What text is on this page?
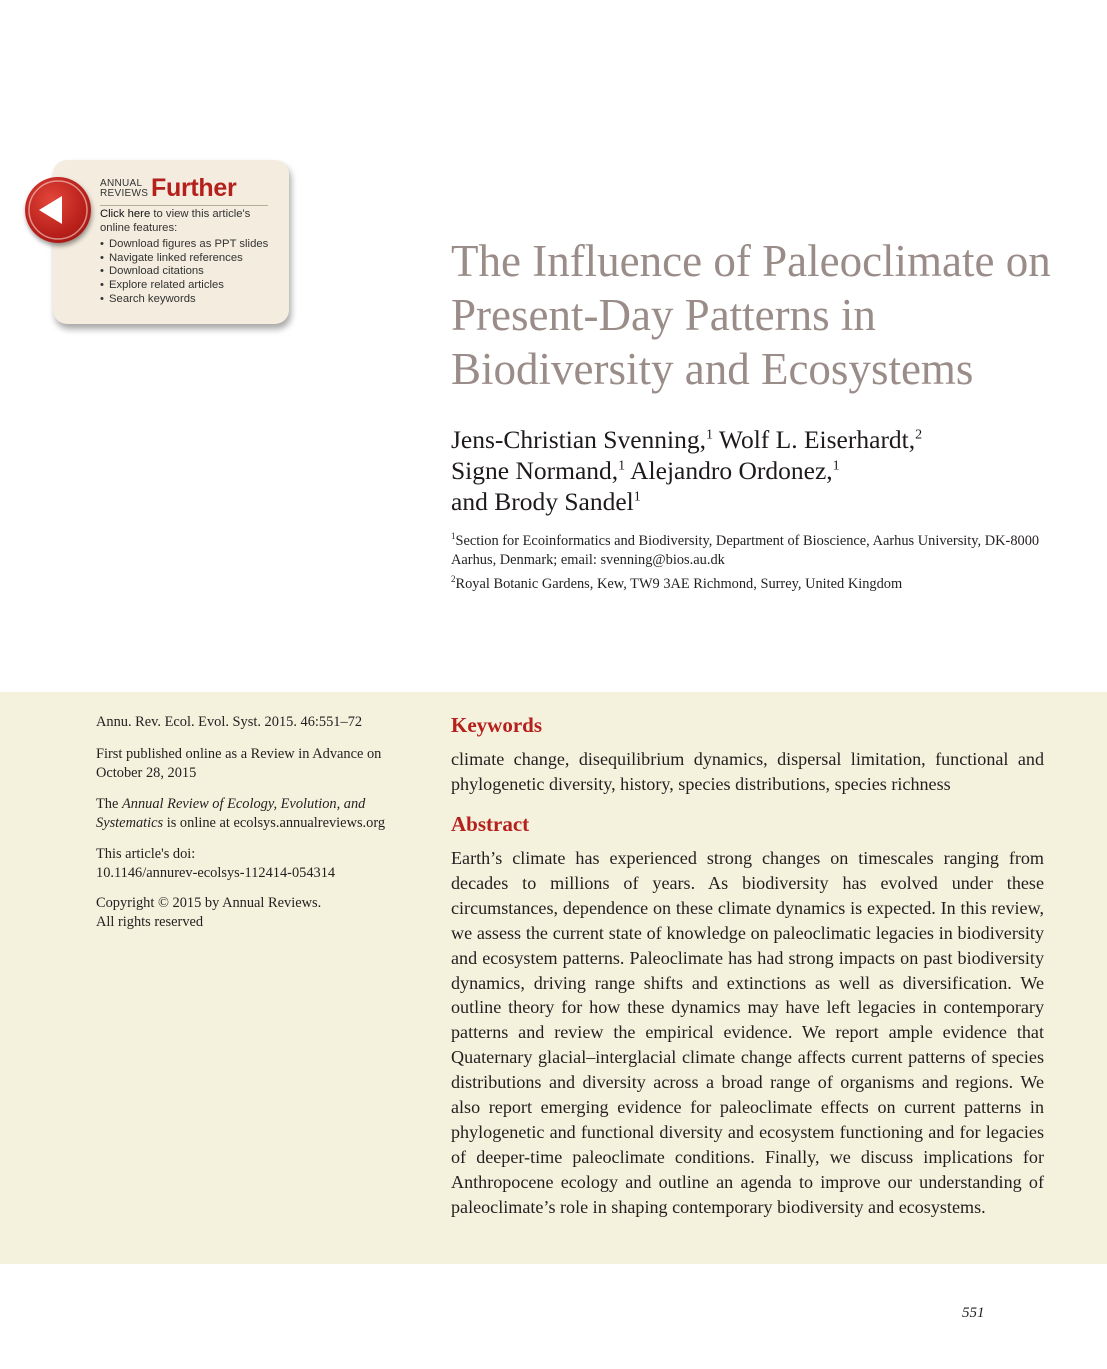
ANNUAL REVIEWS Further
Click here to view this article's online features:
• Download figures as PPT slides
• Navigate linked references
• Download citations
• Explore related articles
• Search keywords
The Influence of Paleoclimate on Present-Day Patterns in Biodiversity and Ecosystems
Jens-Christian Svenning,$^1$ Wolf L. Eiserhardt,$^2$
Signe Normand,$^1$ Alejandro Ordonez,$^1$
and Brody Sandel$^1$
$^1$Section for Ecoinformatics and Biodiversity, Department of Bioscience, Aarhus University, DK-8000 Aarhus, Denmark; email: svenning@bios.au.dk
$^2$Royal Botanic Gardens, Kew, TW9 3AE Richmond, Surrey, United Kingdom
Annu. Rev. Ecol. Evol. Syst. 2015. 46:551–72
First published online as a Review in Advance on October 28, 2015
The Annual Review of Ecology, Evolution, and Systematics is online at ecolsys.annualreviews.org
This article's doi:
10.1146/annurev-ecolsys-112414-054314
Copyright © 2015 by Annual Reviews.
All rights reserved
Keywords
climate change, disequilibrium dynamics, dispersal limitation, functional and phylogenetic diversity, history, species distributions, species richness
Abstract
Earth’s climate has experienced strong changes on timescales ranging from decades to millions of years. As biodiversity has evolved under these circumstances, dependence on these climate dynamics is expected. In this review, we assess the current state of knowledge on paleoclimatic legacies in biodiversity and ecosystem patterns. Paleoclimate has had strong impacts on past biodiversity dynamics, driving range shifts and extinctions as well as diversification. We outline theory for how these dynamics may have left legacies in contemporary patterns and review the empirical evidence. We report ample evidence that Quaternary glacial–interglacial climate change affects current patterns of species distributions and diversity across a broad range of organisms and regions. We also report emerging evidence for paleoclimate effects on current patterns in phylogenetic and functional diversity and ecosystem functioning and for legacies of deeper-time paleoclimate conditions. Finally, we discuss implications for Anthropocene ecology and outline an agenda to improve our understanding of paleoclimate’s role in shaping contemporary biodiversity and ecosystems.
551
